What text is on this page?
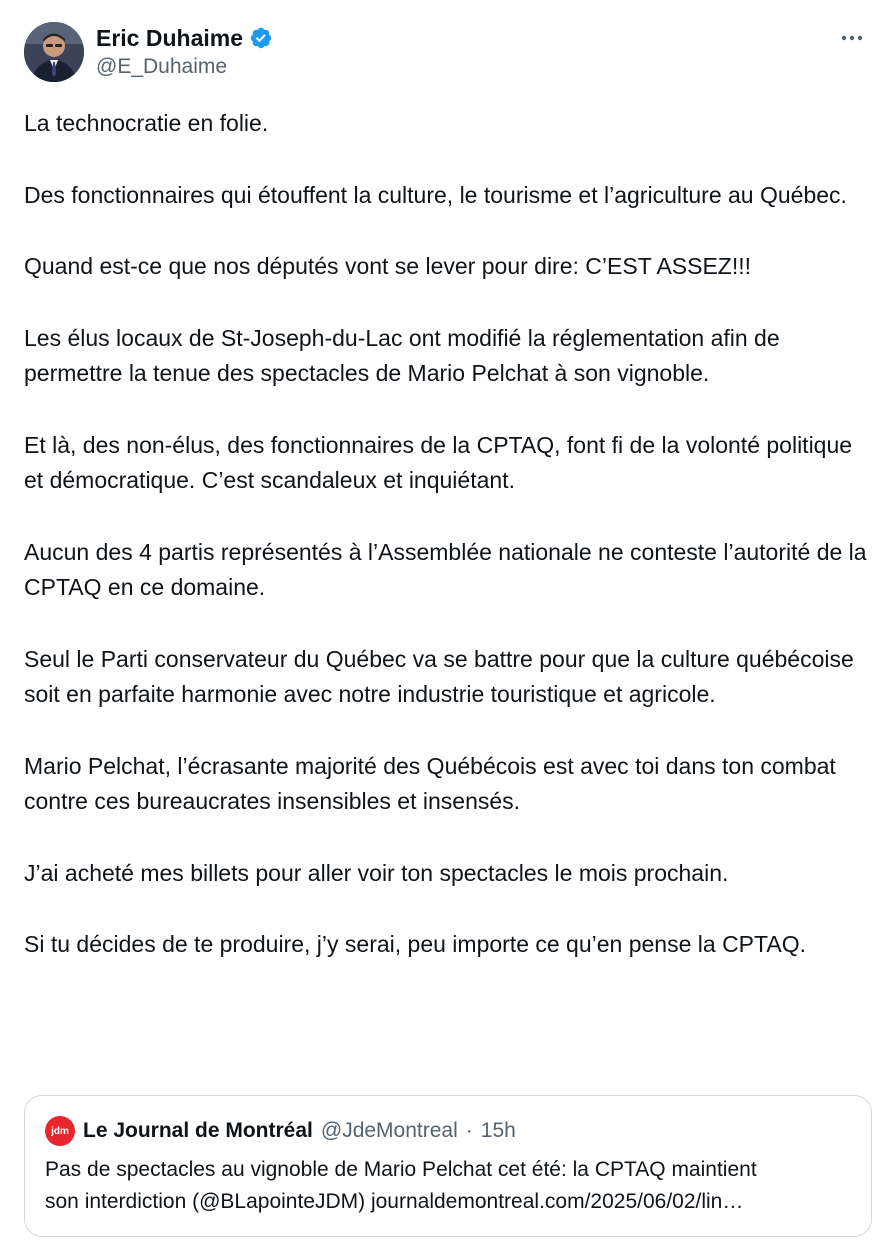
Eric Duhaime
@E_Duhaime

La technocratie en folie.

Des fonctionnaires qui étouffent la culture, le tourisme et l’agriculture au Québec.

Quand est-ce que nos députés vont se lever pour dire: C’EST ASSEZ!!!

Les élus locaux de St-Joseph-du-Lac ont modifié la réglementation afin de permettre la tenue des spectacles de Mario Pelchat à son vignoble.

Et là, des non-élus, des fonctionnaires de la CPTAQ, font fi de la volonté politique et démocratique. C’est scandaleux et inquiétant.

Aucun des 4 partis représentés à l’Assemblée nationale ne conteste l’autorité de la CPTAQ en ce domaine.

Seul le Parti conservateur du Québec va se battre pour que la culture québécoise soit en parfaite harmonie avec notre industrie touristique et agricole.

Mario Pelchat, l’écrasante majorité des Québécois est avec toi dans ton combat contre ces bureaucrates insensibles et insensés.

J’ai acheté mes billets pour aller voir ton spectacles le mois prochain.

Si tu décides de te produire, j’y serai, peu importe ce qu’en pense la CPTAQ.

jdm Le Journal de Montréal @JdeMontreal · 15h
Pas de spectacles au vignoble de Mario Pelchat cet été: la CPTAQ maintient
son interdiction (@BLapointeJDM) journaldemontreal.com/2025/06/02/lin…
